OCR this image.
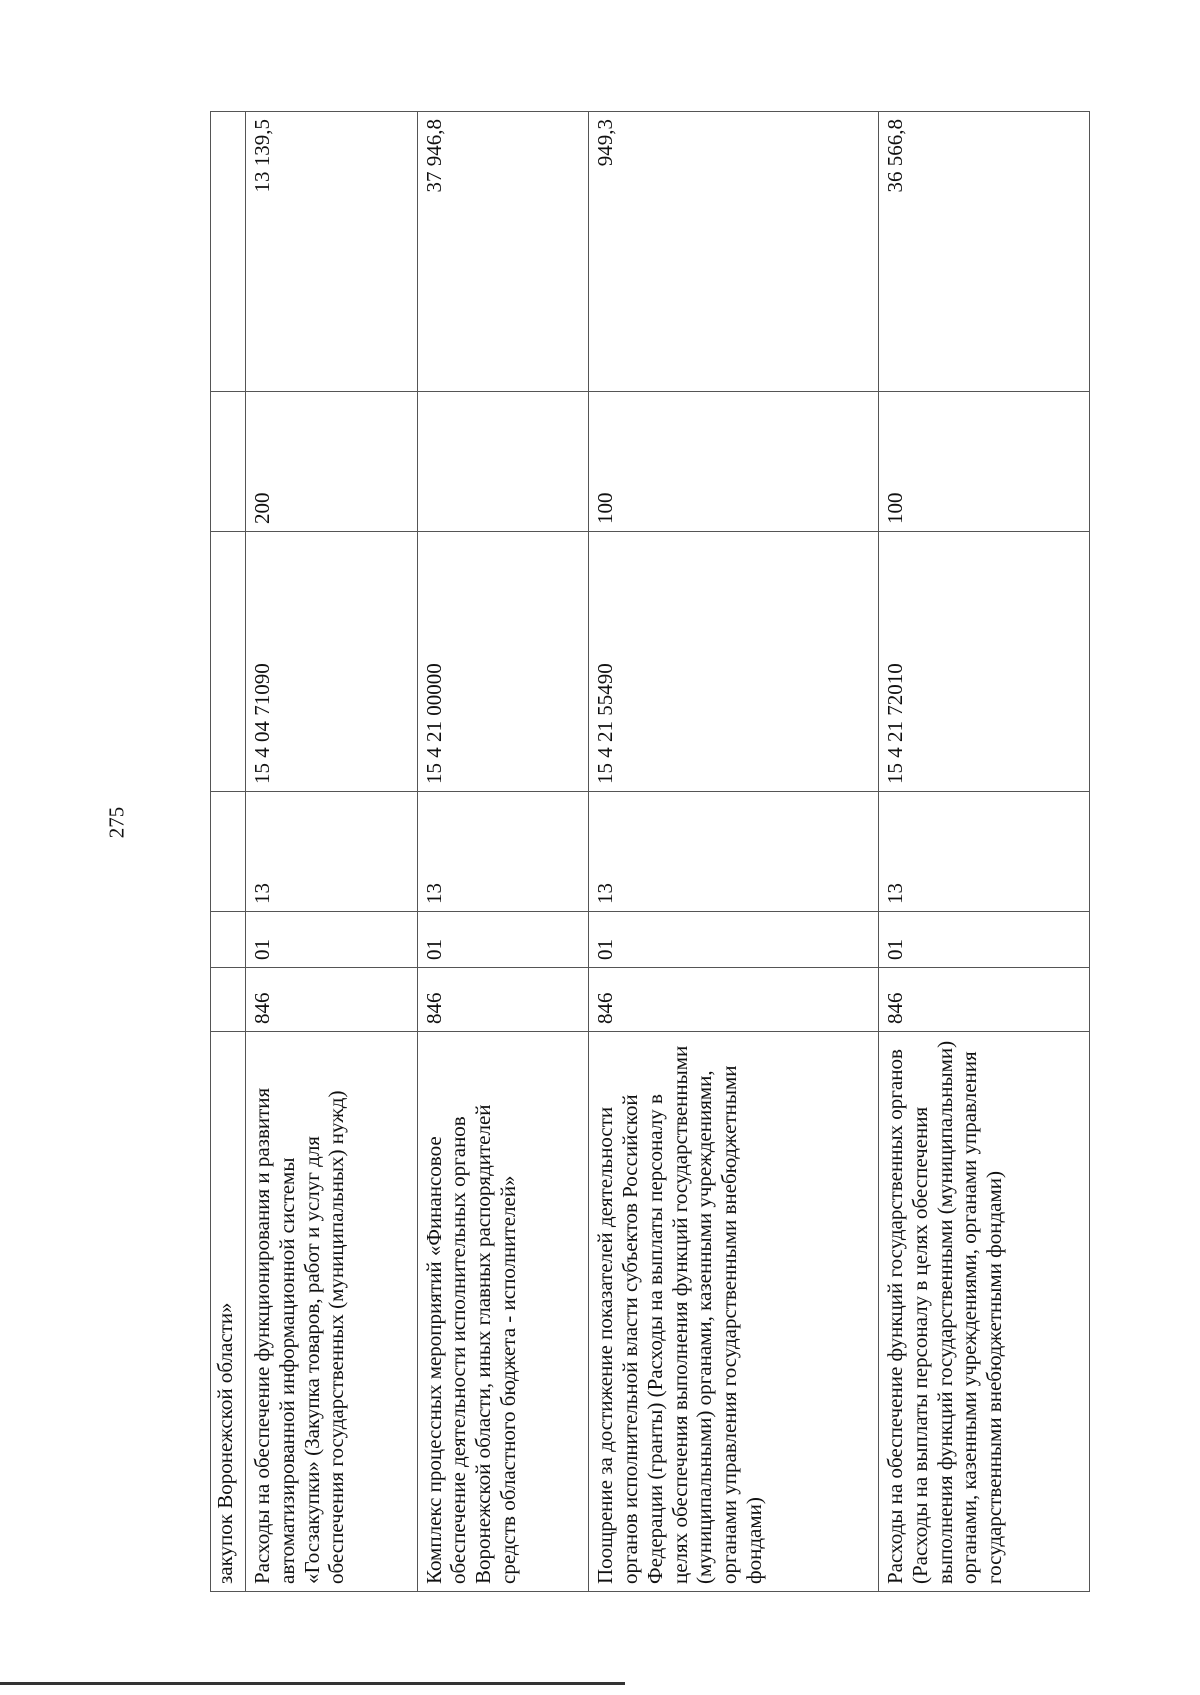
275
закупок Воронежской области»						
Расходы на обеспечение функционирования и развития автоматизированной информационной системы «Госзакупки» (Закупка товаров, работ и услуг для обеспечения государственных (муниципальных) нужд)	846	01	13	15 4 04 71090	200	13 139,5
Комплекс процессных мероприятий «Финансовое обеспечение деятельности исполнительных органов Воронежской области, иных главных распорядителей средств областного бюджета - исполнителей»	846	01	13	15 4 21 00000		37 946,8
Поощрение за достижение показателей деятельности органов исполнительной власти субъектов Российской Федерации (гранты) (Расходы на выплаты персоналу в целях обеспечения выполнения функций государственными (муниципальными) органами, казенными учреждениями, органами управления государственными внебюджетными фондами)	846	01	13	15 4 21 55490	100	949,3
Расходы на обеспечение функций государственных органов (Расходы на выплаты персоналу в целях обеспечения выполнения функций государственными (муниципальными) органами, казенными учреждениями, органами управления государственными внебюджетными фондами)	846	01	13	15 4 21 72010	100	36 566,8
